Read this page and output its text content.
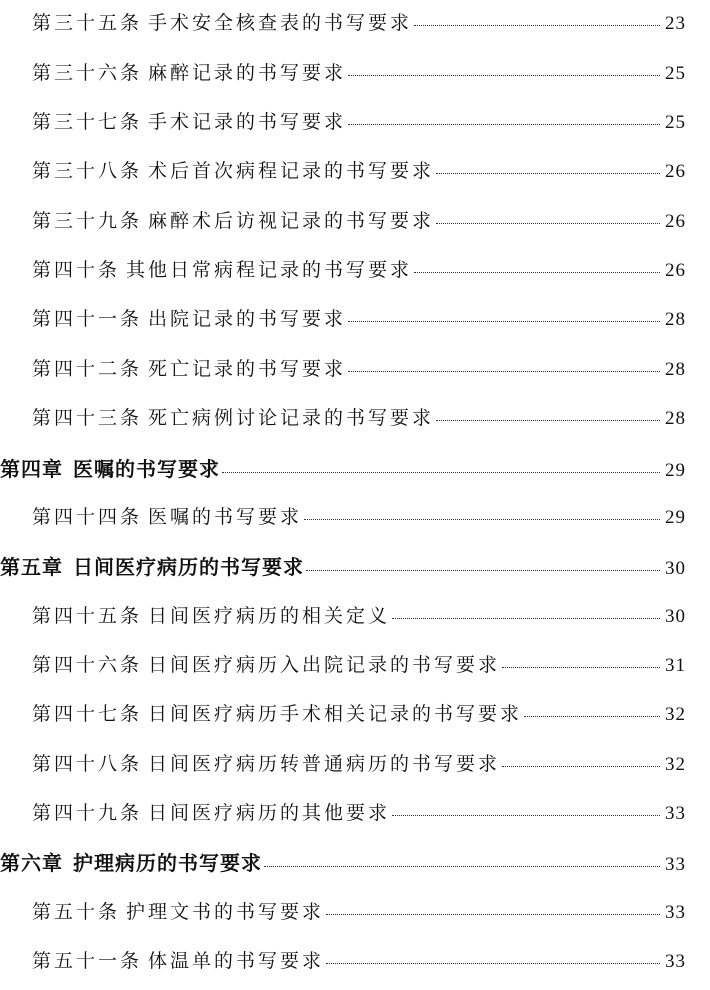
第三十五条 手术安全核查表的书写要求	23
第三十六条 麻醉记录的书写要求	25
第三十七条 手术记录的书写要求	25
第三十八条 术后首次病程记录的书写要求	26
第三十九条 麻醉术后访视记录的书写要求	26
第四十条 其他日常病程记录的书写要求	26
第四十一条 出院记录的书写要求	28
第四十二条 死亡记录的书写要求	28
第四十三条 死亡病例讨论记录的书写要求	28
第四章 医嘱的书写要求	29
第四十四条 医嘱的书写要求	29
第五章 日间医疗病历的书写要求	30
第四十五条 日间医疗病历的相关定义	30
第四十六条 日间医疗病历入出院记录的书写要求	31
第四十七条 日间医疗病历手术相关记录的书写要求	32
第四十八条 日间医疗病历转普通病历的书写要求	32
第四十九条 日间医疗病历的其他要求	33
第六章 护理病历的书写要求	33
第五十条 护理文书的书写要求	33
第五十一条 体温单的书写要求	33
